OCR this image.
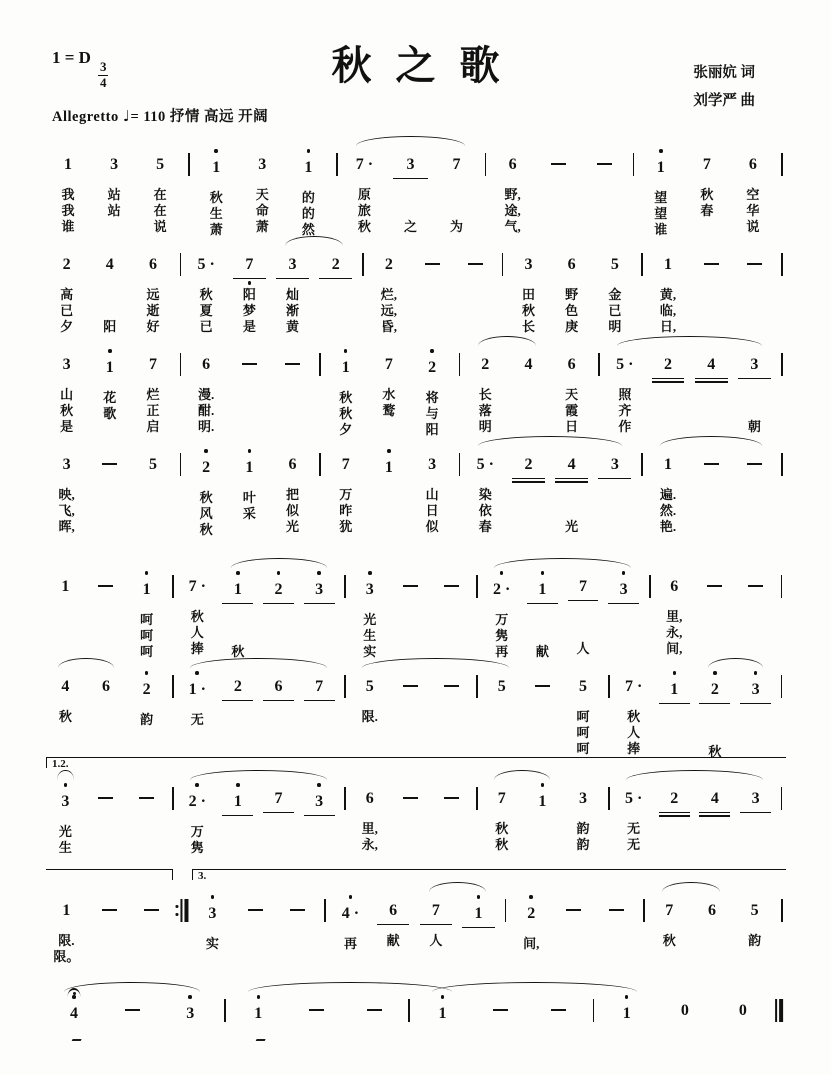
1 = D
$\frac{3}{4}$
Allegretto ♩= 110 抒情 高远 开阔
秋之歌	张丽妔 词
刘学严 曲
1
我
我
谁
3
站
站
5
在
在
说
1
秋
生
萧
3
天
命
萧
1
的
的
然
7 ·
原
旅
秋
3
之
7
为
6
野,
途,
气,
1
望
望
谁
7
秋
春
6
空
华
说
2
高
已
夕
4
阳
6
远
逝
好
5 ·
秋
夏
已
7
阳
梦
是
3
灿
渐
黄
2	2
烂,
远,
昏,
3
田
秋
长
6
野
色
庚
5
金
已
明
1
黄,
临,
日,
3
山
秋
是
1
花
歌
7
烂
正
启
6
漫.
酣.
明.
1
秋
秋
夕
7
水
鹜
2
将
与
阳
2
长
落
明
4	6
天
霞
日
5 ·
照
齐
作
2	4	3
朝
3
映,
飞,
晖,
5	2
秋
风
秋
1
叶
采
6
把
似
光
7
万
昨
犹
1	3
山
日
似
5 ·
染
依
春
2	4
光
3	1
遍.
然.
艳.
1	1
呵
呵
呵
7 ·
秋
人
捧
1
秋
2	3	3
光
生
实
2 ·
万
隽
再
1
献
7
人
3	6
里,
永,
间,
4
秋
6	2
韵
1 ·
无
2	6	7	5
限.
5	5
呵
呵
呵
7 ·
秋
人
捧
1	2
秋
3
3
光
生
2 ·
万
隽
1	7	3	6
里,
永,
7
秋
秋
1	3
韵
韵
5 ·
无
无
2	4	3
1.2.
1
限.
限。
3
实
4 ·
再
6
献
7
人
1	2
间,
7
秋
6	5
韵
3.
4	3	1	1	1	0	0
